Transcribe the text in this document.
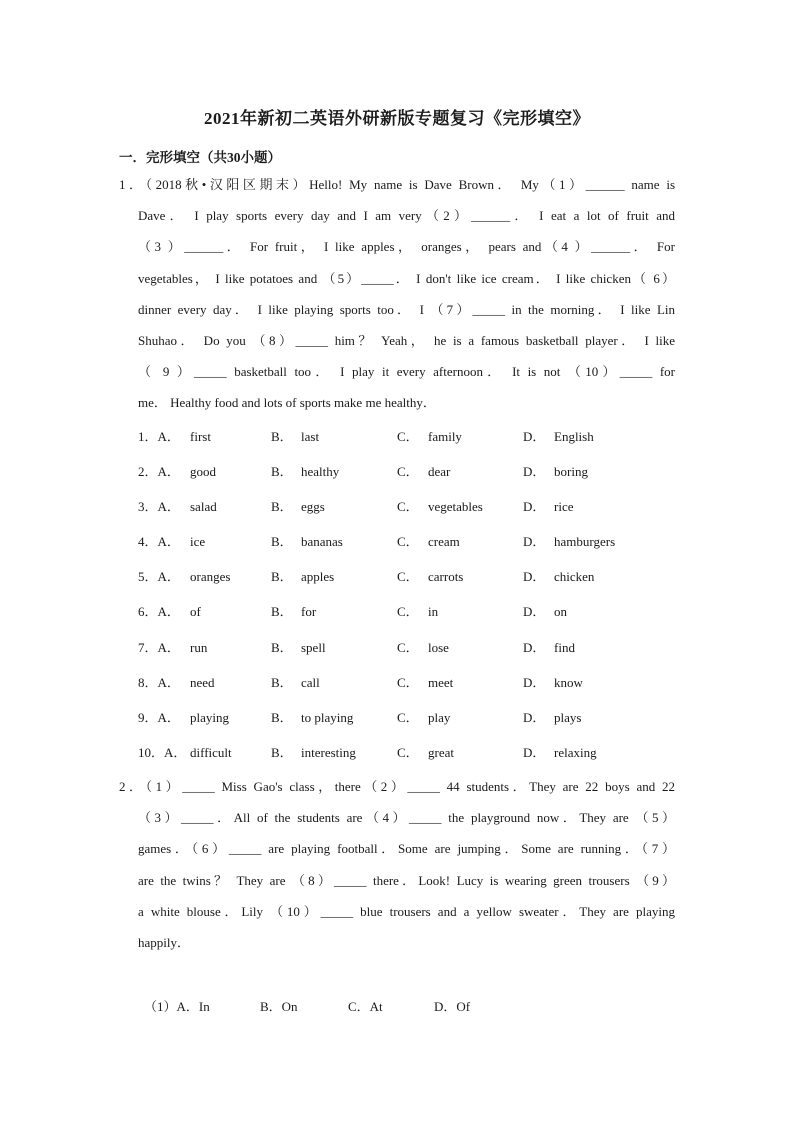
2021年新初二英语外研新版专题复习《完形填空》
一．完形填空（共30小题）
1．（2018秋•汉阳区期末）Hello! My name is Dave Brown． My（1）______ name is
Dave． I play sports every day and I am very（2）______． I eat a lot of fruit and
（3 ）______． For fruit， I like apples， oranges， pears and（4 ）______． For
vegetables， I like potatoes and （5）_____． I don't like ice cream． I like chicken（ 6）
dinner every day． I like playing sports too． I （7）_____ in the morning． I like Lin
Shuhao． Do you （8）_____ him？ Yeah， he is a famous basketball player． I like
（ 9 ）_____ basketball too． I play it every afternoon． It is not （10）_____ for
me． Healthy food and lots of sports make me healthy．
1．A． first	B． last	C． family	D． English
2．A． good	B． healthy	C． dear	D． boring
3．A． salad	B． eggs	C． vegetables	D． rice
4．A． ice	B． bananas	C． cream	D． hamburgers
5．A． oranges	B． apples	C． carrots	D． chicken
6．A． of	B． for	C． in	D． on
7．A． run	B． spell	C． lose	D． find
8．A． need	B． call	C． meet	D． know
9．A． playing	B． to playing	C． play	D． plays
10．A． difficult	B． interesting	C． great	D． relaxing
2．（1）_____ Miss Gao's class，there（2）_____ 44 students．They are 22 boys and 22
（3）_____．All of the students are（4）_____ the playground now．They are （5）
games．（6）_____ are playing football．Some are jumping．Some are running．（7）
are the twins？ They are （8）_____ there．Look! Lucy is wearing green trousers （9）
a white blouse．Lily （10）_____ blue trousers and a yellow sweater．They are playing
happily．
（1）A．In	B．On	C．At	D．Of
